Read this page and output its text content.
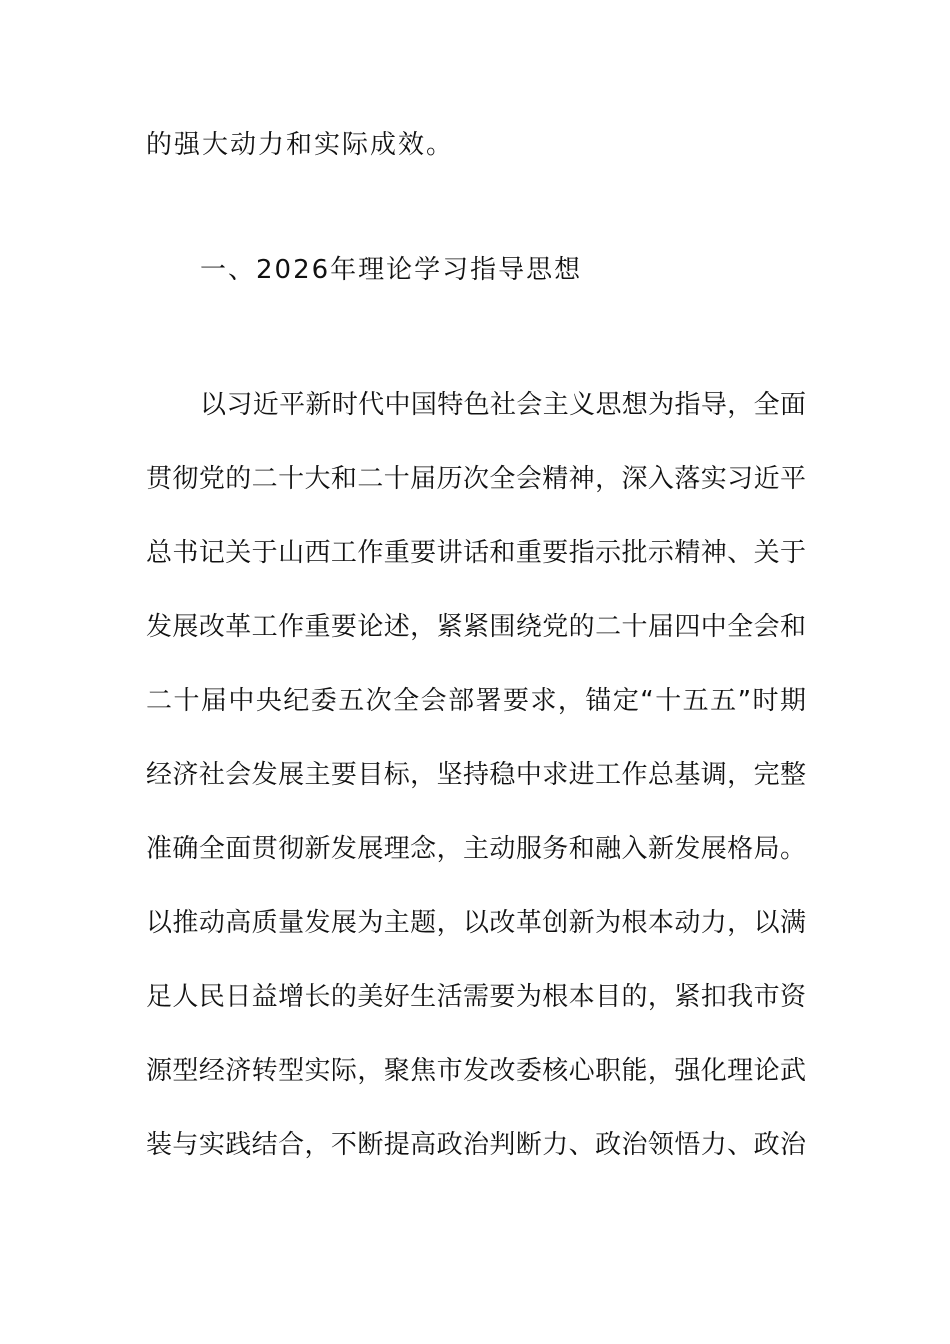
的强大动力和实际成效。
一、2026年理论学习指导思想
以习近平新时代中国特色社会主义思想为指导，全面
贯彻党的二十大和二十届历次全会精神，深入落实习近平
总书记关于山西工作重要讲话和重要指示批示精神、关于
发展改革工作重要论述，紧紧围绕党的二十届四中全会和
二十届中央纪委五次全会部署要求，锚定“十五五”时期
经济社会发展主要目标，坚持稳中求进工作总基调，完整
准确全面贯彻新发展理念，主动服务和融入新发展格局。
以推动高质量发展为主题，以改革创新为根本动力，以满
足人民日益增长的美好生活需要为根本目的，紧扣我市资
源型经济转型实际，聚焦市发改委核心职能，强化理论武
装与实践结合，不断提高政治判断力、政治领悟力、政治
